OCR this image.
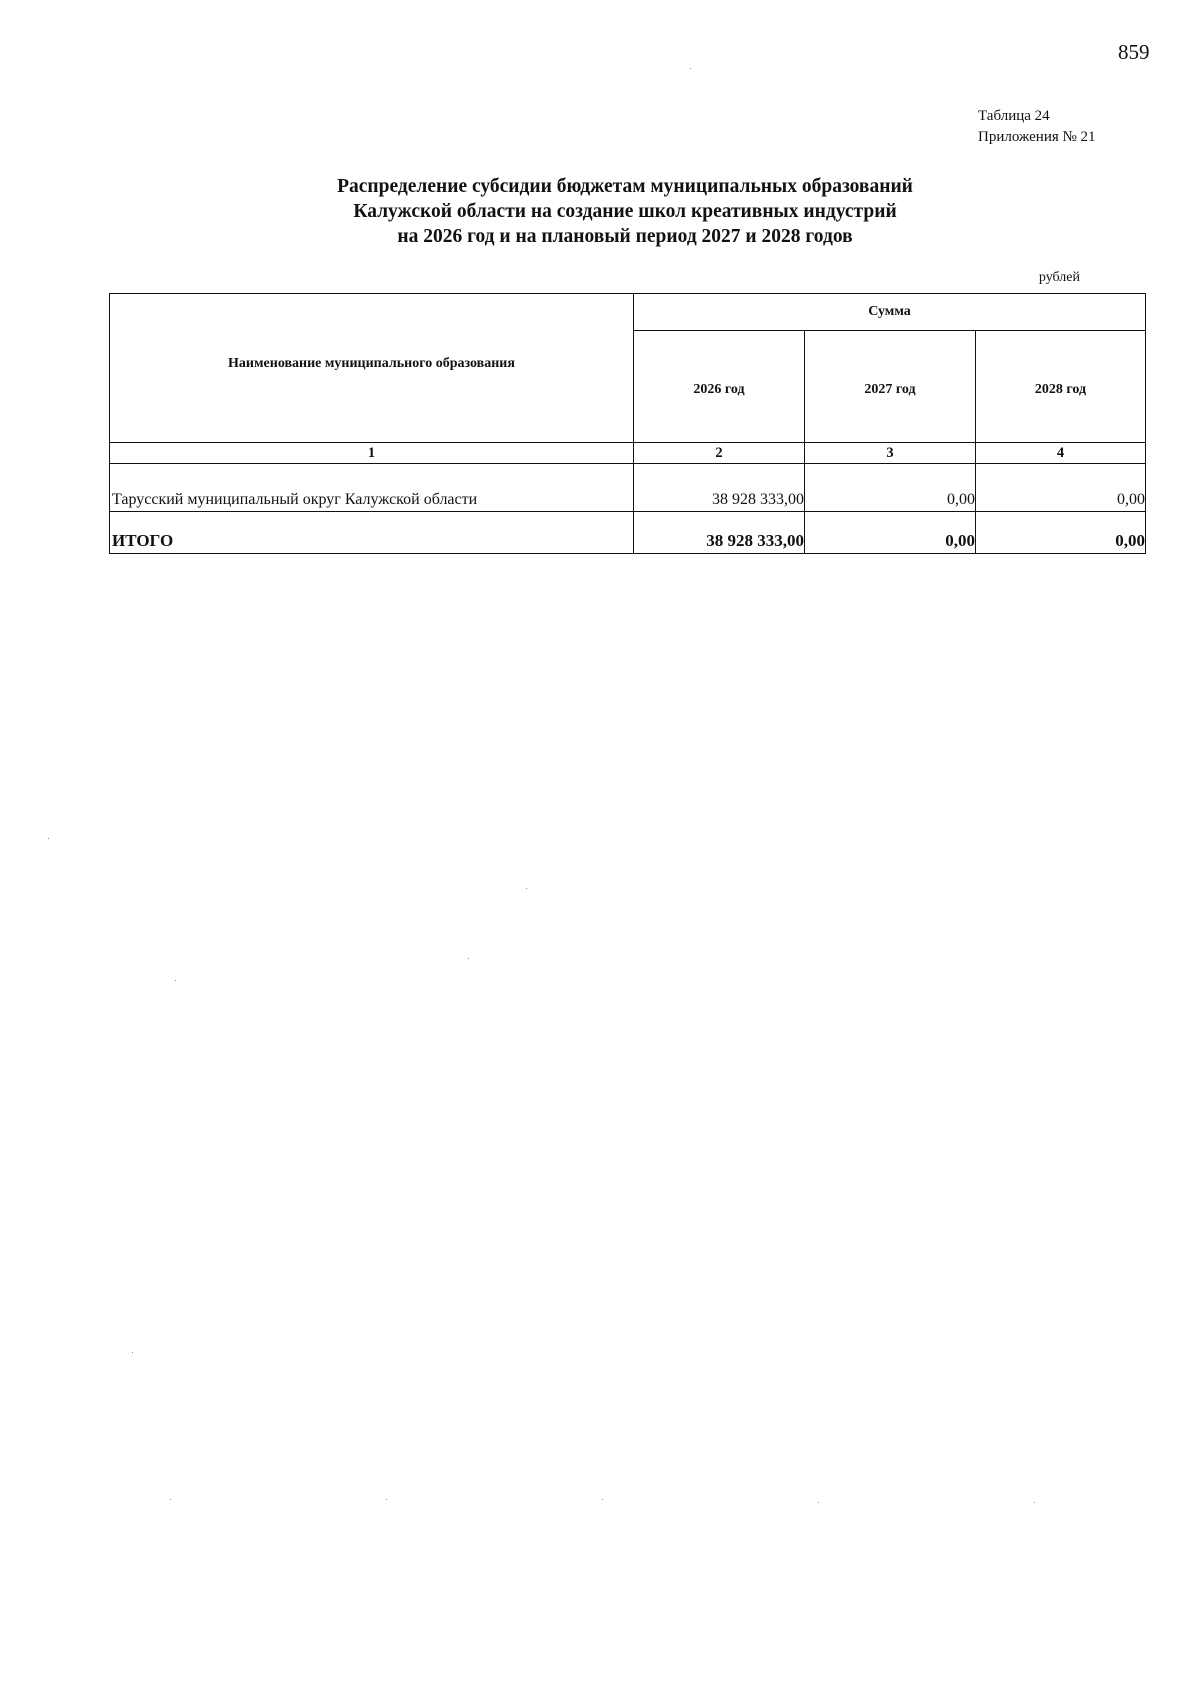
859
Таблица 24
Приложения № 21
Распределение субсидии бюджетам муниципальных образований
Калужской области на создание школ креативных индустрий
на 2026 год и на плановый период 2027 и 2028 годов
рублей
Наименование муниципального образования	Сумма		
	2026 год	2027 год	2028 год
1	2	3	4
Тарусский муниципальный округ Калужской области	38 928 333,00	0,00	0,00
ИТОГО	38 928 333,00	0,00	0,00
